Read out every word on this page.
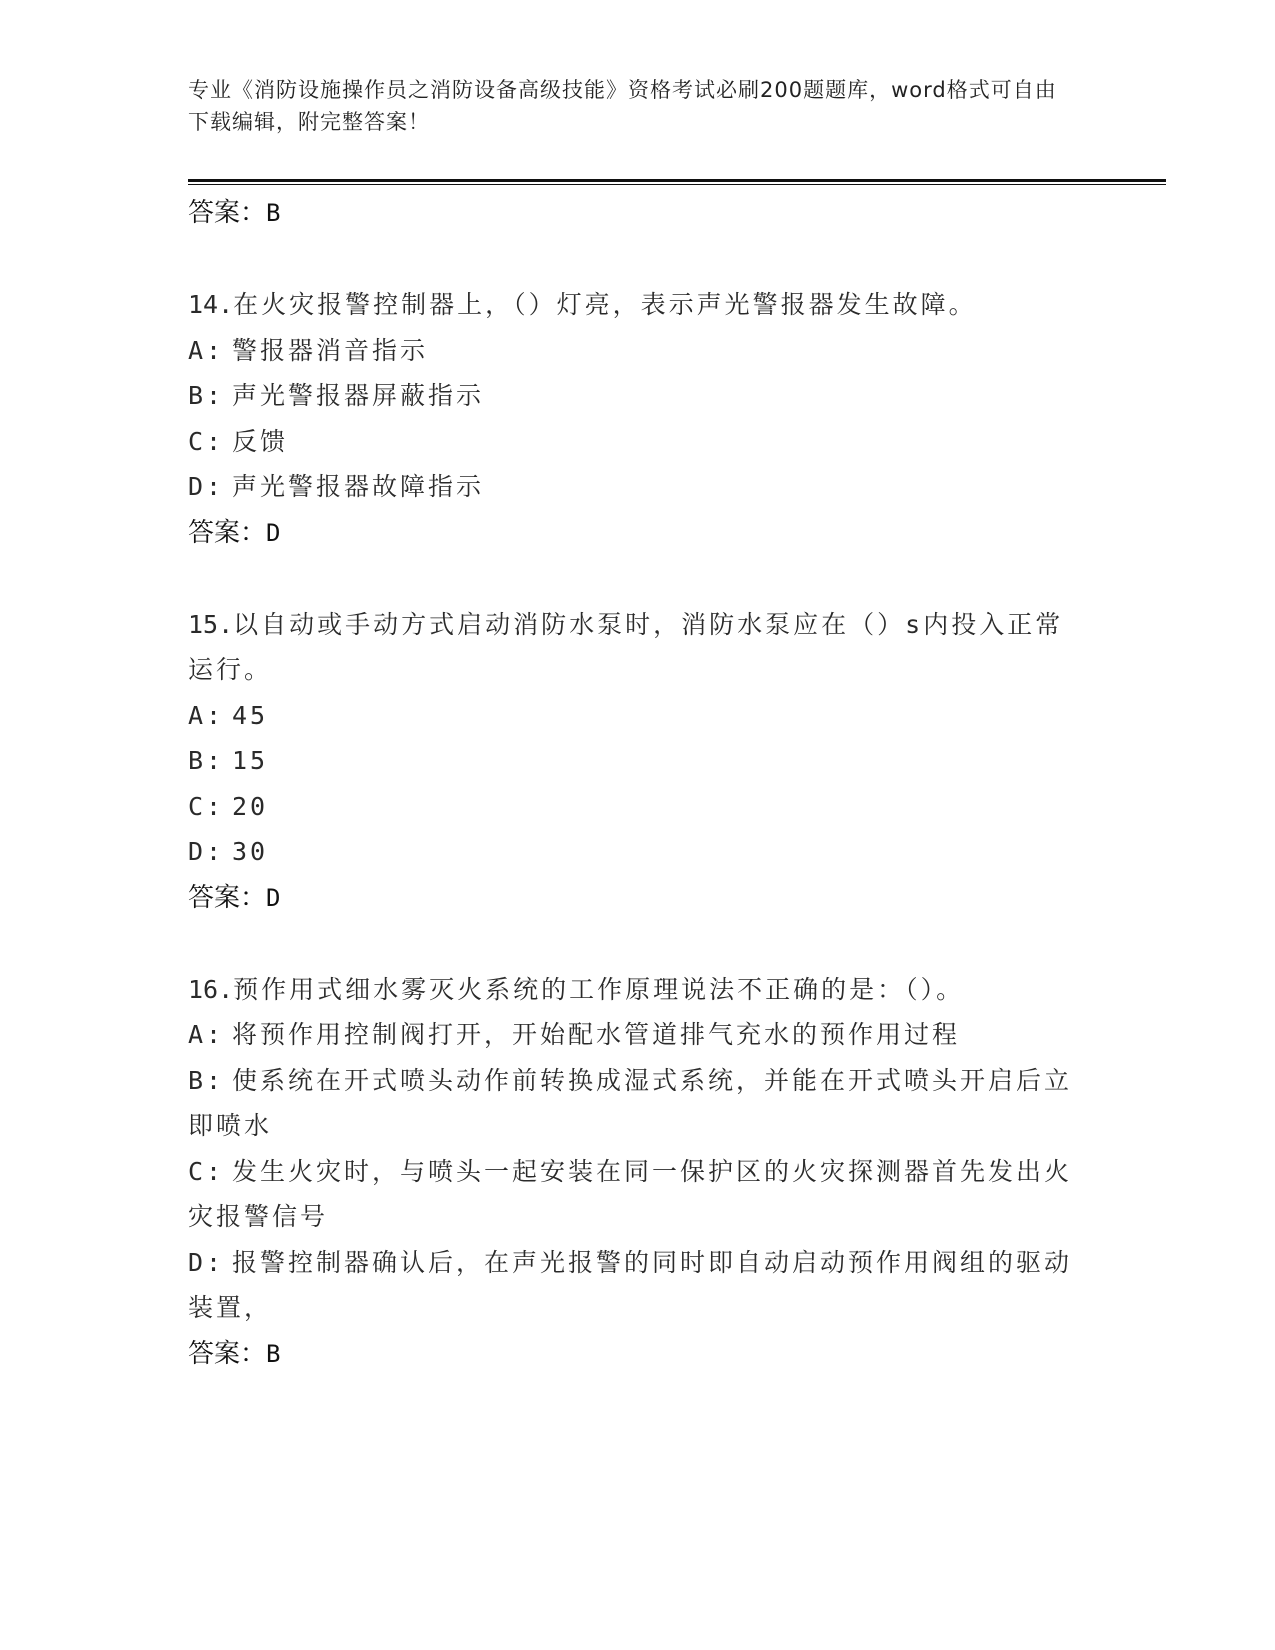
专业《消防设施操作员之消防设备高级技能》资格考试必刷200题题库，word格式可自由下载编辑，附完整答案！

答案：B

14.在火灾报警控制器上，（）灯亮，表示声光警报器发生故障。

A: 警报器消音指示

B: 声光警报器屏蔽指示

C: 反馈

D: 声光警报器故障指示

答案：D

15.以自动或手动方式启动消防水泵时，消防水泵应在（）s内投入正常运行。

A: 45

B: 15

C: 20

D: 30

答案：D

16.预作用式细水雾灭火系统的工作原理说法不正确的是：（）。

A: 将预作用控制阀打开，开始配水管道排气充水的预作用过程

B: 使系统在开式喷头动作前转换成湿式系统，并能在开式喷头开启后立即喷水

C: 发生火灾时，与喷头一起安装在同一保护区的火灾探测器首先发出火灾报警信号

D: 报警控制器确认后，在声光报警的同时即自动启动预作用阀组的驱动装置，

答案：B
